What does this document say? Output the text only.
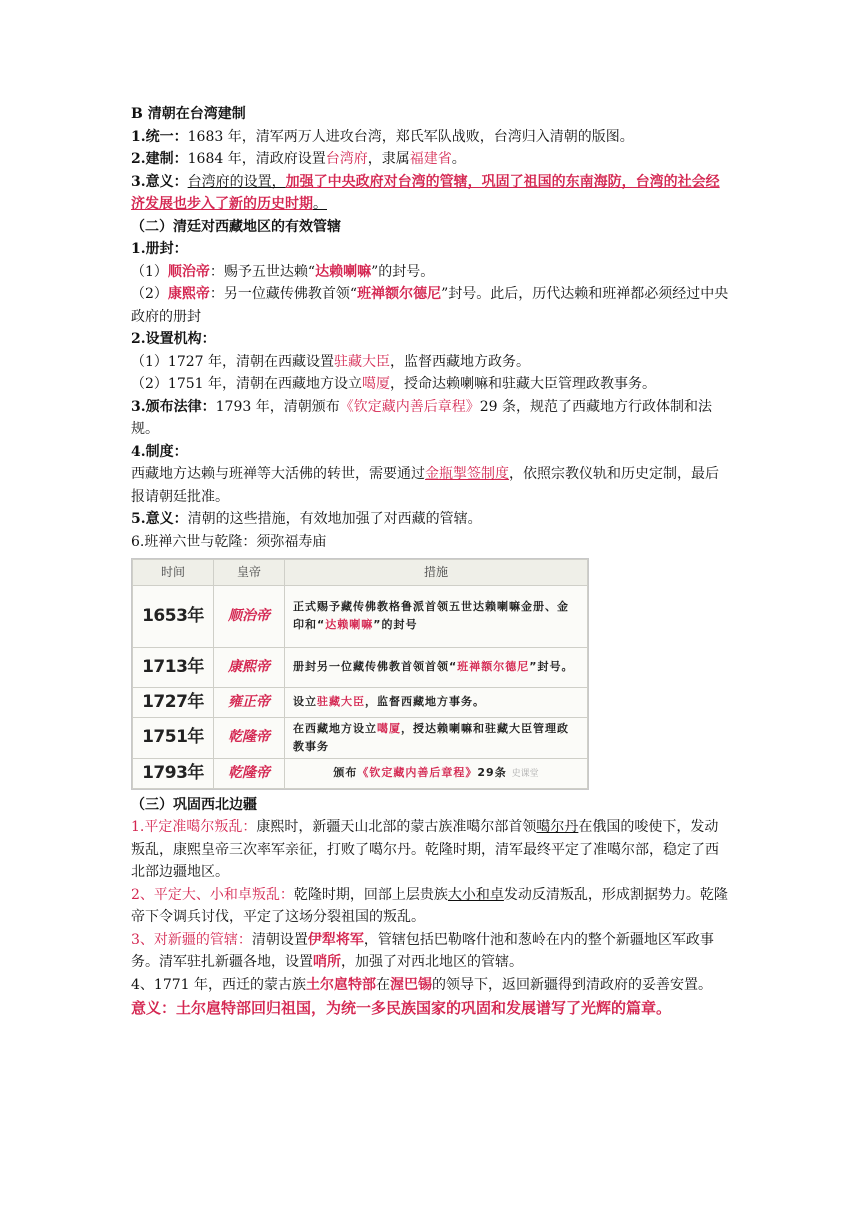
B 清朝在台湾建制
1.统一：1683 年，清军两万人进攻台湾，郑氏军队战败，台湾归入清朝的版图。
2.建制：1684 年，清政府设置台湾府，隶属福建省。
3.意义：台湾府的设置，加强了中央政府对台湾的管辖，巩固了祖国的东南海防，台湾的社会经济发展也步入了新的历史时期。
（二）清廷对西藏地区的有效管辖
1.册封：
（1）顺治帝：赐予五世达赖“达赖喇嘛”的封号。
（2）康熙帝：另一位藏传佛教首领“班禅额尔德尼”封号。此后，历代达赖和班禅都必须经过中央政府的册封
2.设置机构：
（1）1727 年，清朝在西藏设置驻藏大臣，监督西藏地方政务。
（2）1751 年，清朝在西藏地方设立噶厦，授命达赖喇嘛和驻藏大臣管理政教事务。
3.颁布法律：1793 年，清朝颁布《钦定藏内善后章程》29 条，规范了西藏地方行政体制和法规。
4.制度：
西藏地方达赖与班禅等大活佛的转世，需要通过金瓶掣签制度，依照宗教仪轨和历史定制，最后报请朝廷批准。
5.意义：清朝的这些措施，有效地加强了对西藏的管辖。
6.班禅六世与乾隆：须弥福寿庙
时间	皇帝	措施
1653年	顺治帝	正式赐予藏传佛教格鲁派首领五世达赖喇嘛金册、金印和“达赖喇嘛”的封号
1713年	康熙帝	册封另一位藏传佛教首领首领“班禅额尔德尼”封号。
1727年	雍正帝	设立驻藏大臣，监督西藏地方事务。
1751年	乾隆帝	在西藏地方设立噶厦，授达赖喇嘛和驻藏大臣管理政教事务
1793年	乾隆帝	颁布《钦定藏内善后章程》29条 史课堂
（三）巩固西北边疆
1.平定准噶尔叛乱：康熙时，新疆天山北部的蒙古族准噶尔部首领噶尔丹在俄国的唆使下，发动叛乱，康熙皇帝三次率军亲征，打败了噶尔丹。乾隆时期，清军最终平定了准噶尔部，稳定了西北部边疆地区。
2、平定大、小和卓叛乱：乾隆时期，回部上层贵族大小和卓发动反清叛乱，形成割据势力。乾隆帝下令调兵讨伐，平定了这场分裂祖国的叛乱。
3、对新疆的管辖：清朝设置伊犁将军，管辖包括巴勒喀什池和葱岭在内的整个新疆地区军政事务。清军驻扎新疆各地，设置哨所，加强了对西北地区的管辖。
4、1771 年，西迁的蒙古族土尔扈特部在渥巴锡的领导下，返回新疆得到清政府的妥善安置。
意义：土尔扈特部回归祖国，为统一多民族国家的巩固和发展谱写了光辉的篇章。
